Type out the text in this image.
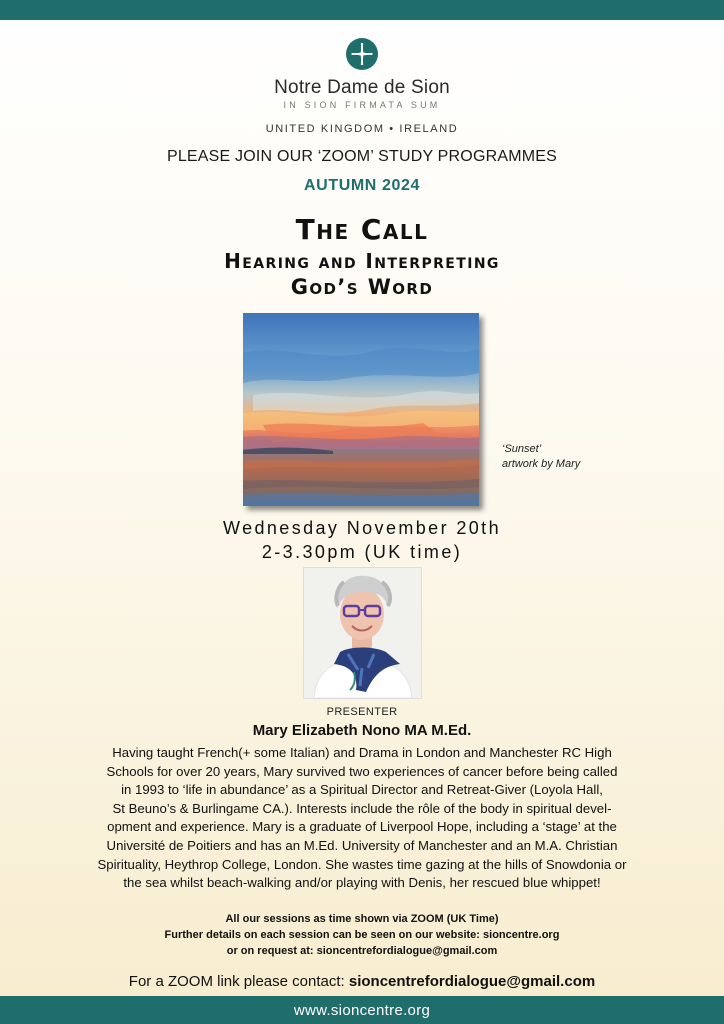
Notre Dame de Sion
IN SION FIRMATA SUM
UNITED KINGDOM • IRELAND
PLEASE JOIN OUR ‘ZOOM’ STUDY PROGRAMMES
AUTUMN 2024
The Call
Hearing and Interpreting
God’s Word
‘Sunset’
artwork by Mary
Wednesday November 20th
2-3.30pm (UK time)
PRESENTER
Mary Elizabeth Nono MA M.Ed.
Having taught French(+ some Italian) and Drama in London and Manchester RC High
Schools for over 20 years, Mary survived two experiences of cancer before being called
in 1993 to ‘life in abundance’ as a Spiritual Director and Retreat-Giver (Loyola Hall,
St Beuno’s & Burlingame CA.). Interests include the rôle of the body in spiritual devel-
opment and experience. Mary is a graduate of Liverpool Hope, including a ‘stage’ at the
Université de Poitiers and has an M.Ed. University of Manchester and an M.A. Christian
Spirituality, Heythrop College, London. She wastes time gazing at the hills of Snowdonia or
the sea whilst beach-walking and/or playing with Denis, her rescued blue whippet!
All our sessions as time shown via ZOOM (UK Time)
Further details on each session can be seen on our website: sioncentre.org
or on request at: sioncentrefordialogue@gmail.com
For a ZOOM link please contact: sioncentrefordialogue@gmail.com
www.sioncentre.org
